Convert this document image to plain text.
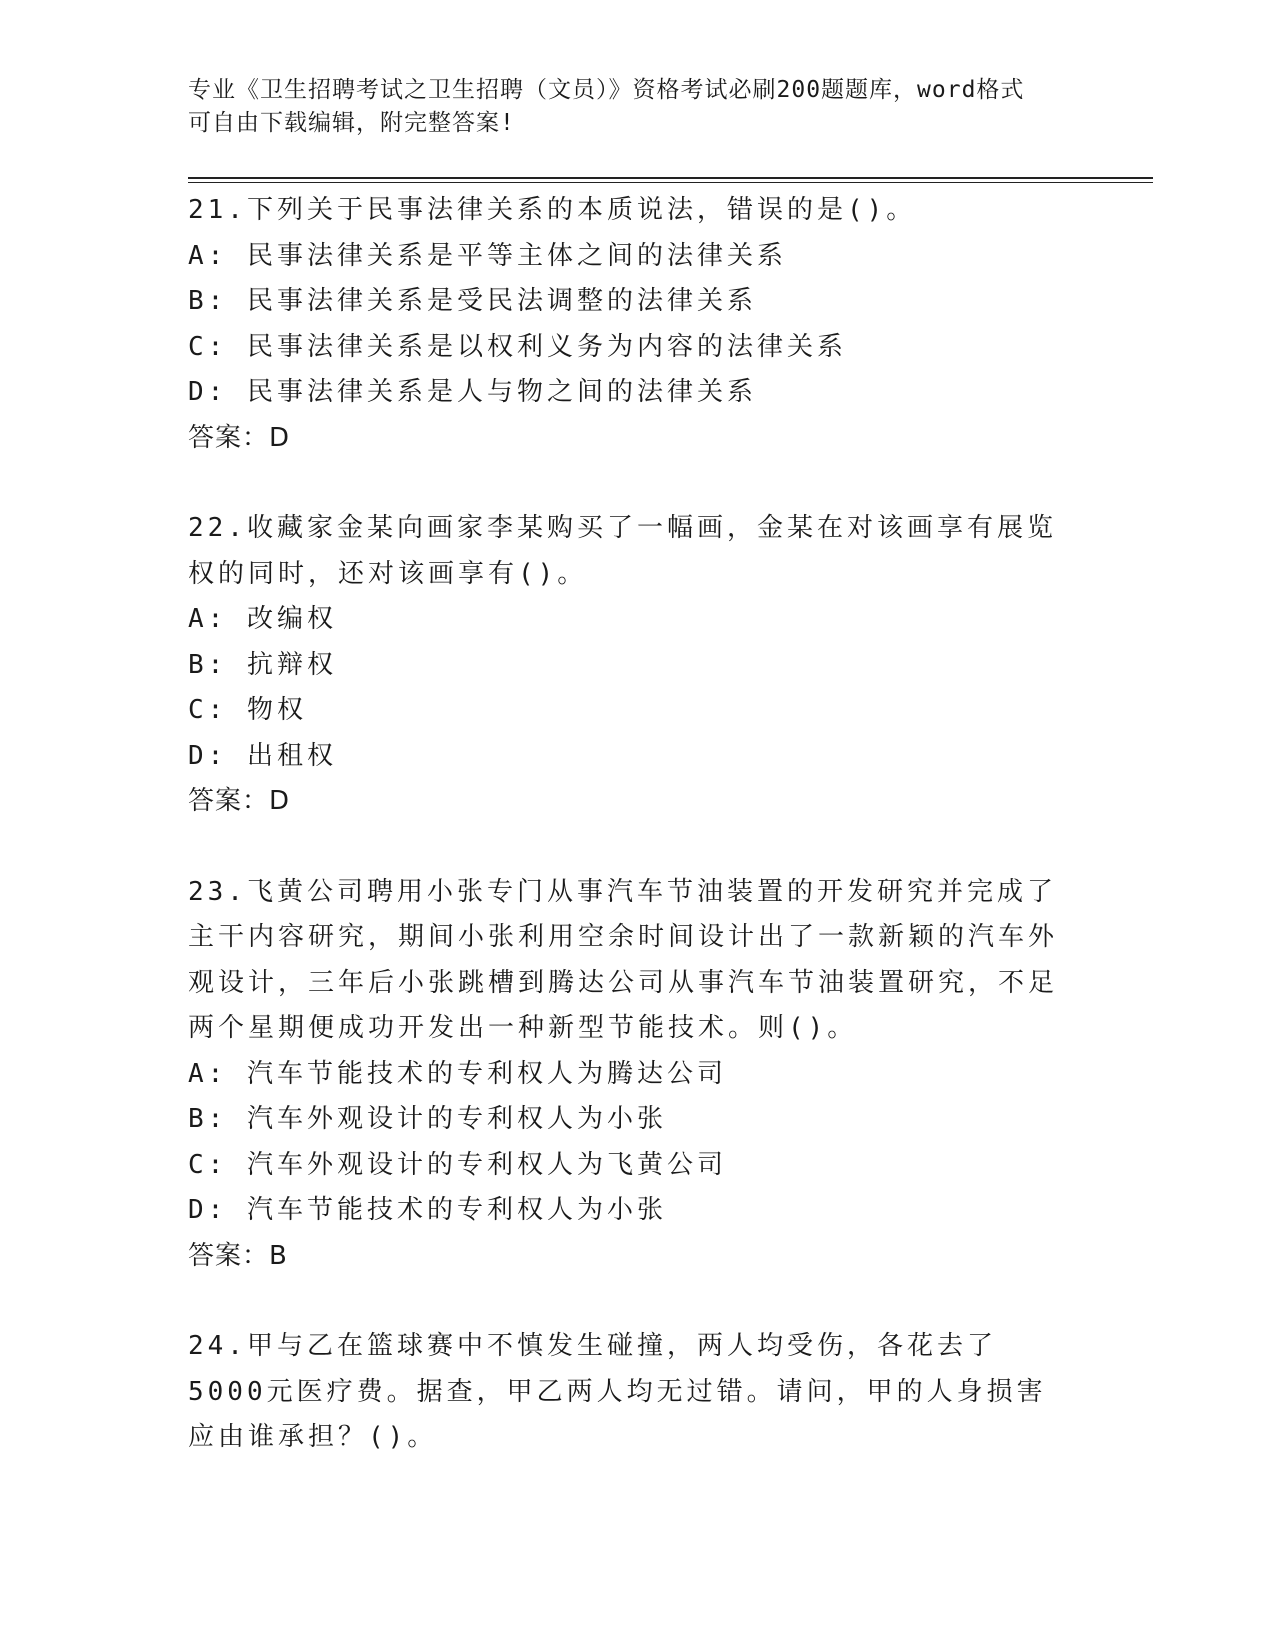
专业《卫生招聘考试之卫生招聘（文员）》资格考试必刷200题题库，word格式
可自由下载编辑，附完整答案!

21.下列关于民事法律关系的本质说法，错误的是()。

A: 民事法律关系是平等主体之间的法律关系

B: 民事法律关系是受民法调整的法律关系

C: 民事法律关系是以权利义务为内容的法律关系

D: 民事法律关系是人与物之间的法律关系

答案：D

22.收藏家金某向画家李某购买了一幅画，金某在对该画享有展览权的同时，还对该画享有()。

A: 改编权

B: 抗辩权

C: 物权

D: 出租权

答案：D

23.飞黄公司聘用小张专门从事汽车节油装置的开发研究并完成了主干内容研究，期间小张利用空余时间设计出了一款新颖的汽车外观设计，三年后小张跳槽到腾达公司从事汽车节油装置研究，不足两个星期便成功开发出一种新型节能技术。则()。

A: 汽车节能技术的专利权人为腾达公司

B: 汽车外观设计的专利权人为小张

C: 汽车外观设计的专利权人为飞黄公司

D: 汽车节能技术的专利权人为小张

答案：B

24.甲与乙在篮球赛中不慎发生碰撞，两人均受伤，各花去了5000元医疗费。据查，甲乙两人均无过错。请问，甲的人身损害应由谁承担？()。
